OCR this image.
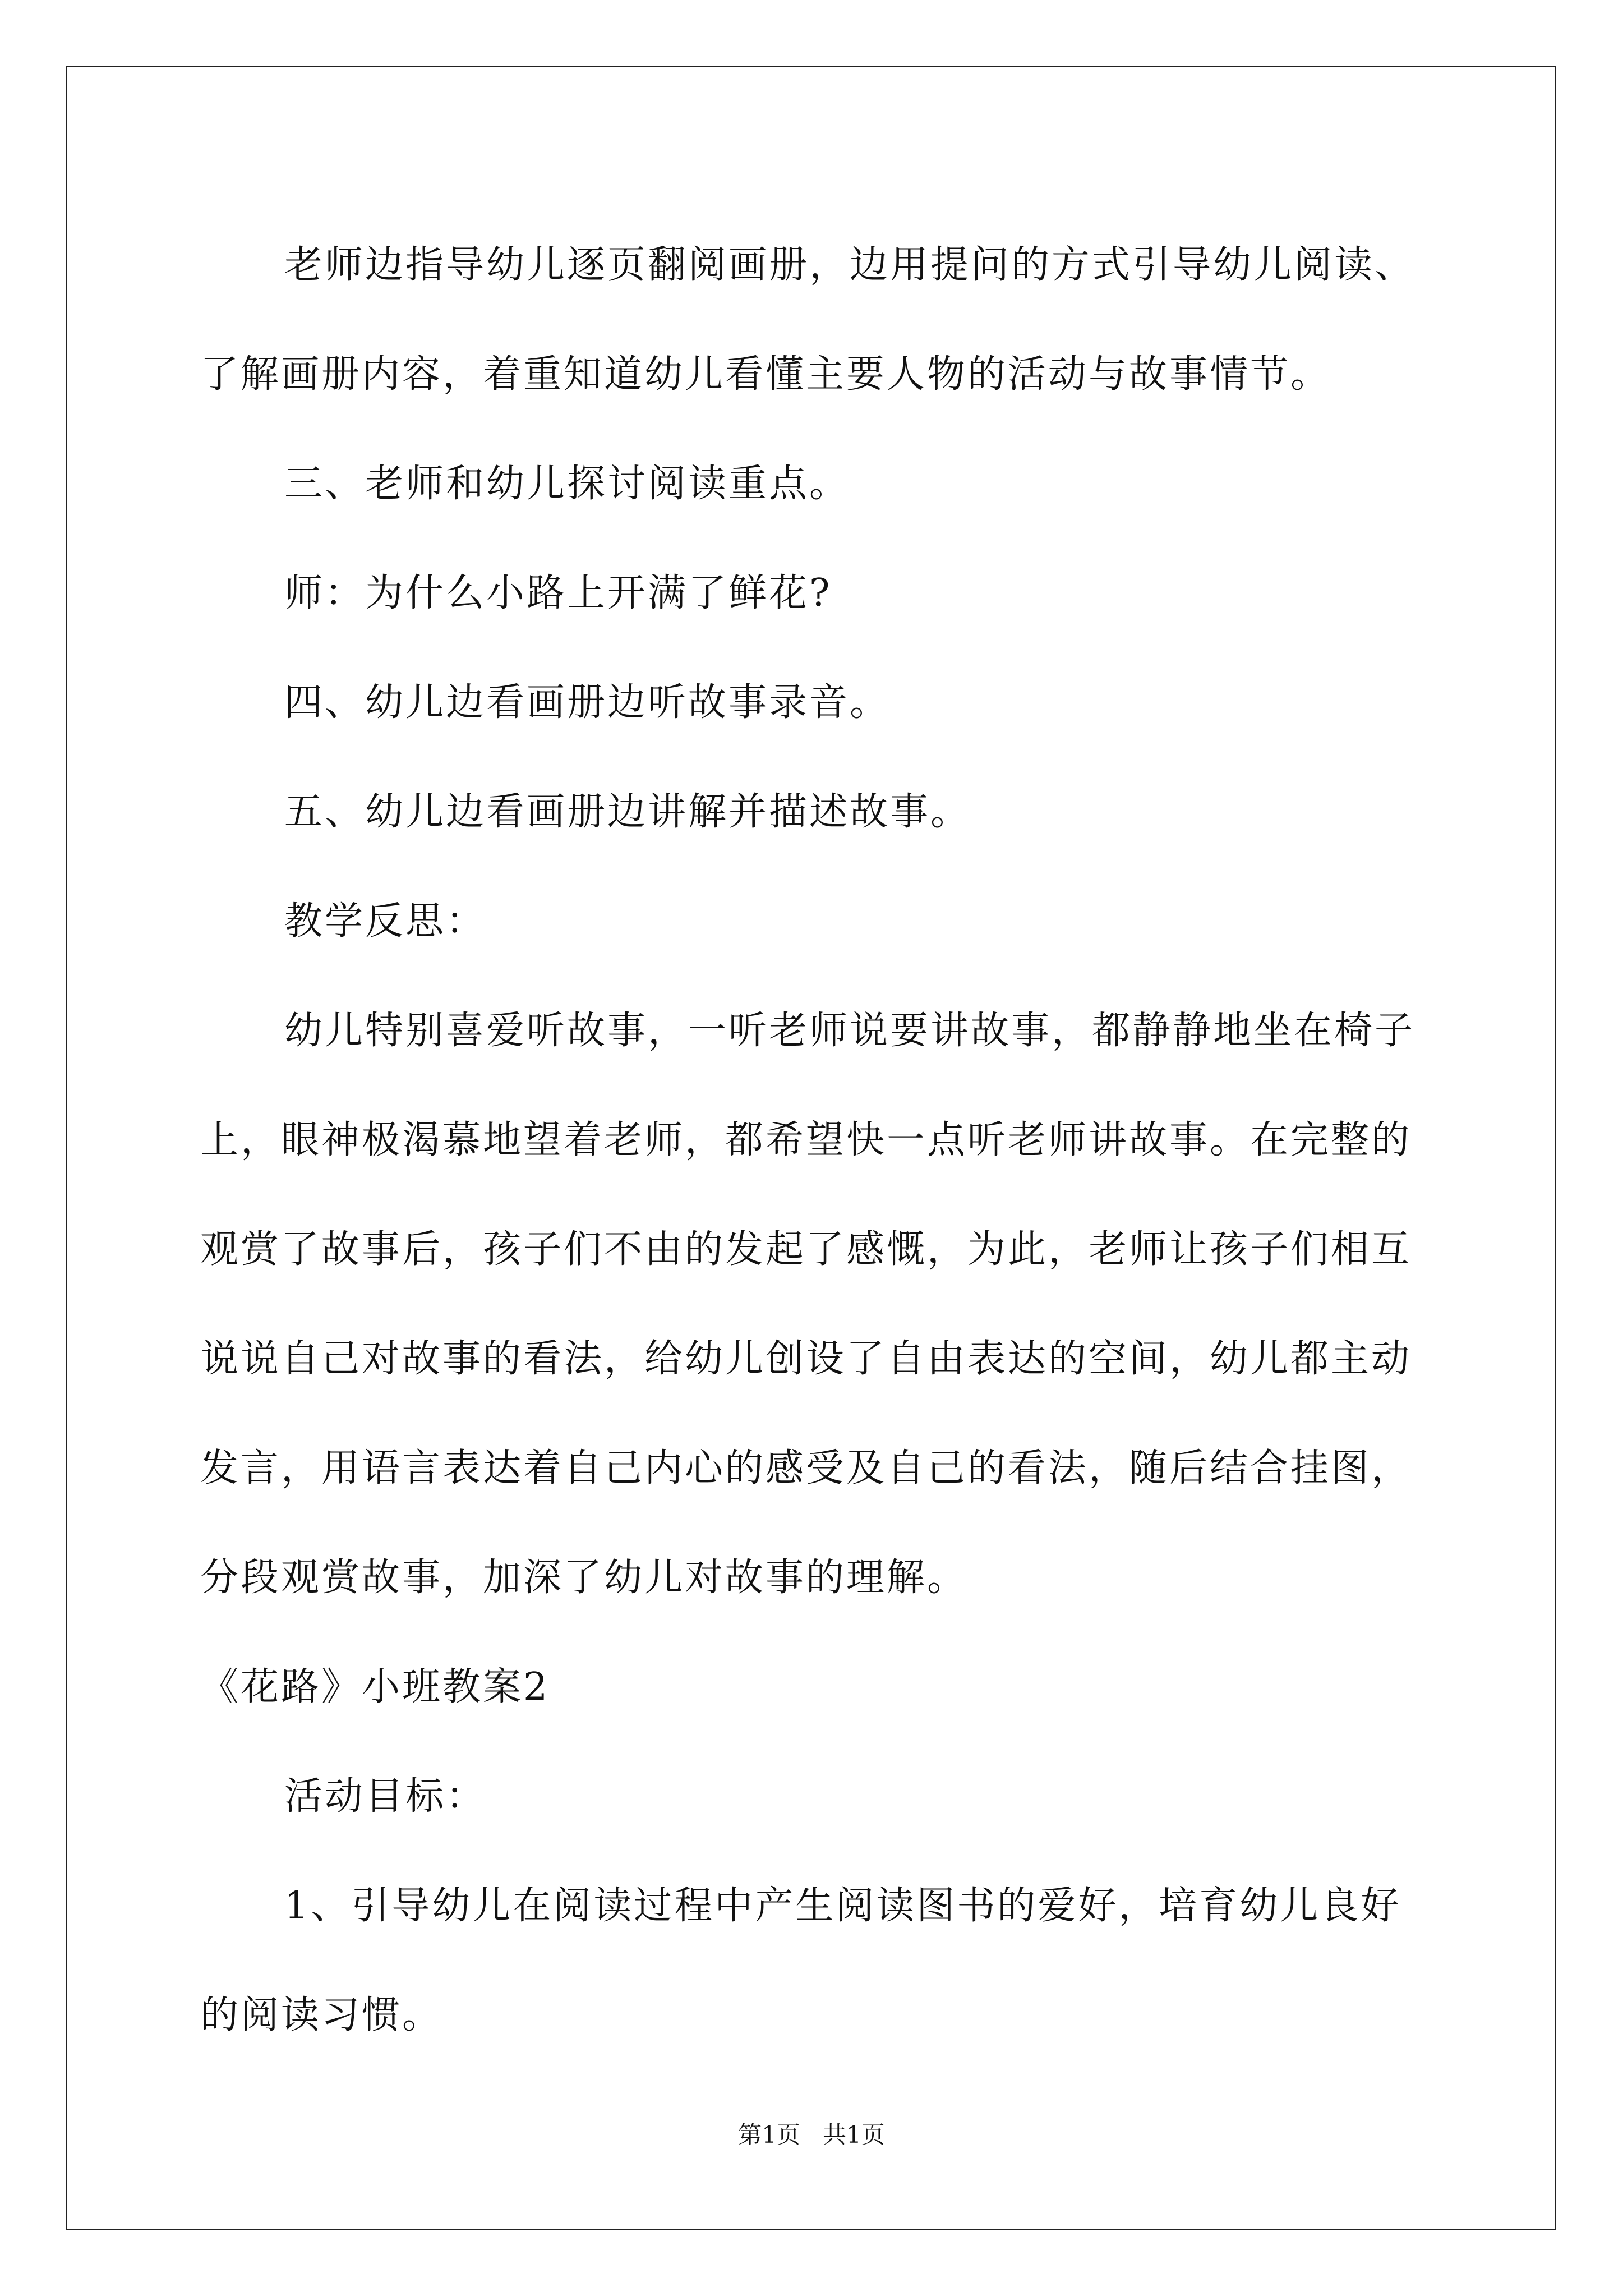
老师边指导幼儿逐页翻阅画册，边用提问的方式引导幼儿阅读、了解画册内容，着重知道幼儿看懂主要人物的活动与故事情节。

三、老师和幼儿探讨阅读重点。

师：为什么小路上开满了鲜花?

四、幼儿边看画册边听故事录音。

五、幼儿边看画册边讲解并描述故事。

教学反思：

幼儿特别喜爱听故事，一听老师说要讲故事，都静静地坐在椅子上，眼神极渴慕地望着老师，都希望快一点听老师讲故事。在完整的观赏了故事后，孩子们不由的发起了感慨，为此，老师让孩子们相互说说自己对故事的看法，给幼儿创设了自由表达的空间，幼儿都主动发言，用语言表达着自己内心的感受及自己的看法，随后结合挂图，分段观赏故事，加深了幼儿对故事的理解。

《花路》小班教案2

活动目标：

1、引导幼儿在阅读过程中产生阅读图书的爱好，培育幼儿良好的阅读习惯。

第1页 共1页
